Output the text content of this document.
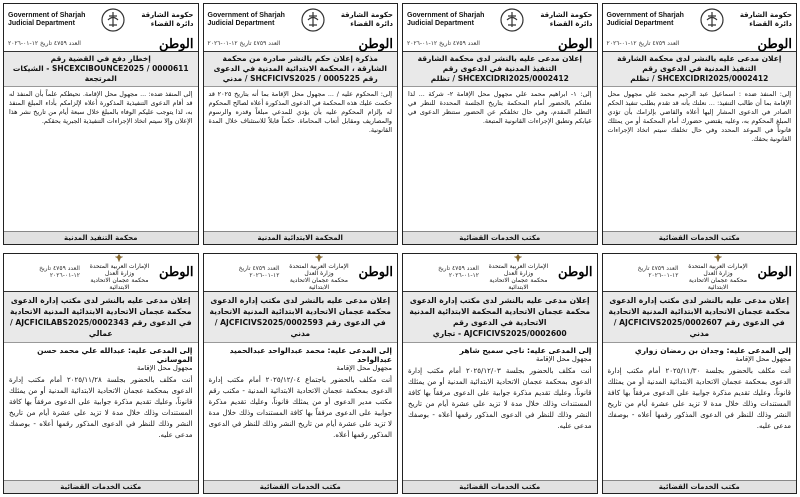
Government of Sharjah
Judicial Department
حكومة الشارقة
دائرة القضاء
الوطن
العدد ٤٧٥٩ تاريخ ١٢-٠١-٢٠٢٦
إخطار دفع في القضية رقم SHCEXCIBOUNCE2025 / 0000611 - الشيكات المرتجعة
إلى المنفذ ضده: ... مجهول محل الإقامة. نحيطكم علماً بأن المنفذ له قد أقام الدعوى التنفيذية المذكورة أعلاه لإلزامكم بأداء المبلغ المنفذ به، لذا يتوجب عليكم الوفاء بالمبلغ خلال سبعة أيام من تاريخ نشر هذا الإعلان وإلا سيتم اتخاذ الإجراءات التنفيذية الجبرية بحقكم.
محكمة التنفيذ المدنية
Government of Sharjah
Judicial Department
حكومة الشارقة
دائرة القضاء
الوطن
العدد ٤٧٥٩ تاريخ ١٢-٠١-٢٠٢٦
مذكرة إعلان حكم بالنشر صادرة من محكمة الشارقة ، المحكمة الابتدائية المدنية في الدعوى رقم SHCFICIVS2025 / 0005225 / مدني
إلى: المحكوم عليه / ... مجهول محل الإقامة بما أنه بتاريخ ٢٠٢٥ قد حكمت عليك هذه المحكمة في الدعوى المذكورة أعلاه لصالح المحكوم له بإلزام المحكوم عليه بأن يؤدي للمدعي مبلغاً وقدره والرسوم والمصاريف ومقابل أتعاب المحاماة. حكماً قابلاً للاستئناف خلال المدة القانونية.
المحكمة الابتدائية المدنية
Government of Sharjah
Judicial Department
حكومة الشارقة
دائرة القضاء
الوطن
العدد ٤٧٥٩ تاريخ ١٢-٠١-٢٠٢٦
إعلان مدعى عليه بالنشر لدى محكمة الشارقة التنفيذ المدنية في الدعوى رقم SHCEXCIDRI2025/0002412 / تظلم
إلى: ١- ابراهيم محمد علي مجهول محل الإقامة ٢- شركة ... لذا نعلنكم بالحضور أمام المحكمة بتاريخ الجلسة المحددة للنظر في التظلم المقدم، وفي حال تخلفكم عن الحضور ستنظر الدعوى في غيابكم وتطبق الإجراءات القانونية المتبعة.
مكتب الخدمات القضائية
Government of Sharjah
Judicial Department
حكومة الشارقة
دائرة القضاء
الوطن
العدد ٤٧٥٩ تاريخ ١٢-٠١-٢٠٢٦
إعلان مدعى عليه بالنشر لدى محكمة الشارقة التنفيذ المدنية في الدعوى رقم SHCEXCIDRI2025/0002412 / تظلم
إلى: المنفذ ضده : اسماعيل عبد الرحيم محمد علي مجهول محل الإقامة بما أن طالب التنفيذ: ... نعلنك بأنه قد تقدم بطلب تنفيذ الحكم الصادر في الدعوى المشار إليها أعلاه والقاضي بإلزامك بأن تؤدي المبلغ المحكوم به، وعليه يقتضي حضورك أمام المحكمة أو من يمثلك قانوناً في الموعد المحدد وفي حال تخلفك سيتم اتخاذ الإجراءات القانونية بحقك.
مكتب الخدمات القضائية
الوطن
الإمارات العربية المتحدة
وزارة العدل
محكمة عجمان الاتحادية الابتدائية
العدد ٤٧٥٩ تاريخ ١٢-٠١-٢٠٢٦
إعلان مدعى عليه بالنشر لدى مكتب إدارة الدعوى محكمة عجمان الاتحادية الابتدائية المدنية الاتحادية في الدعوى رقم AJCFICILABS2025/0002343 / عمالي
إلى المدعى عليه: عبدالله علي محمد حسن الموساني
مجهول محل الإقامة
أنت مكلف بالحضور بجلسة ٢٠٢٥/١١/٢٨ أمام مكتب إدارة الدعوى بمحكمة عجمان الاتحادية الابتدائية المدنية أو من يمثلك قانوناً، وعليك تقديم مذكرة جوابية على الدعوى مرفقاً بها كافة المستندات وذلك خلال مدة لا تزيد على عشرة أيام من تاريخ النشر وذلك للنظر في الدعوى المذكور رقمها أعلاه - بوصفك مدعى عليه.
مكتب الخدمات القضائية
الوطن
الإمارات العربية المتحدة
وزارة العدل
محكمة عجمان الاتحادية الابتدائية
العدد ٤٧٥٩ تاريخ ١٢-٠١-٢٠٢٦
إعلان مدعى عليه بالنشر لدى مكتب إدارة الدعوى محكمة عجمان الاتحادية الابتدائية المدنية الاتحادية في الدعوى رقم AJCFICIVS2025/0002593 / مدني
إلى المدعى عليه: محمد عبدالواحد عبدالحميد عبدالواحد
مجهول محل الإقامة
أنت مكلف بالحضور باجتماع ٢٠٢٥/١٢/٠٤ أمام مكتب إدارة الدعوى بمحكمة عجمان الاتحادية الابتدائية المدنية - مكتب رقم مكتب مدير الدعوى أو من يمثلك قانوناً، وعليك تقديم مذكرة جوابية على الدعوى مرفقاً بها كافة المستندات وذلك خلال مدة لا تزيد على عشرة أيام من تاريخ النشر وذلك للنظر في الدعوى المذكور رقمها أعلاه.
مكتب الخدمات القضائية
الوطن
الإمارات العربية المتحدة
وزارة العدل
محكمة عجمان الاتحادية الابتدائية
العدد ٤٧٥٩ تاريخ ١٢-٠١-٢٠٢٦
إعلان مدعى عليه بالنشر لدى مكتب إدارة الدعوى محكمة عجمان الاتحادية المحكمة الابتدائية المدنية الاتحادية في الدعوى رقم AJCFICIVS2025/0002600 - تجاري
إلى المدعى عليه: ناجي سميح شاهر
مجهول محل الإقامة
أنت مكلف بالحضور بجلسة ٢٠٢٥/١٢/٠٣ أمام مكتب إدارة الدعوى بمحكمة عجمان الاتحادية الابتدائية المدنية أو من يمثلك قانوناً، وعليك تقديم مذكرة جوابية على الدعوى مرفقاً بها كافة المستندات وذلك خلال مدة لا تزيد على عشرة أيام من تاريخ النشر وذلك للنظر في الدعوى المذكور رقمها أعلاه - بوصفك مدعى عليه.
مكتب الخدمات القضائية
الوطن
الإمارات العربية المتحدة
وزارة العدل
محكمة عجمان الاتحادية الابتدائية
العدد ٤٧٥٩ تاريخ ١٢-٠١-٢٠٢٦
إعلان مدعى عليه بالنشر لدى مكتب إدارة الدعوى محكمة عجمان الاتحادية الابتدائية المدنية الاتحادية في الدعوى رقم AJCFICIVS2025/0002607 / مدني
إلى المدعى عليه: وجدان بن رمضان زواري
مجهول محل الإقامة
أنت مكلف بالحضور بجلسة ٢٠٢٥/١١/٣٠ أمام مكتب إدارة الدعوى بمحكمة عجمان الاتحادية الابتدائية المدنية أو من يمثلك قانوناً، وعليك تقديم مذكرة جوابية على الدعوى مرفقاً بها كافة المستندات وذلك خلال مدة لا تزيد على عشرة أيام من تاريخ النشر وذلك للنظر في الدعوى المذكور رقمها أعلاه - بوصفك مدعى عليه.
مكتب الخدمات القضائية
